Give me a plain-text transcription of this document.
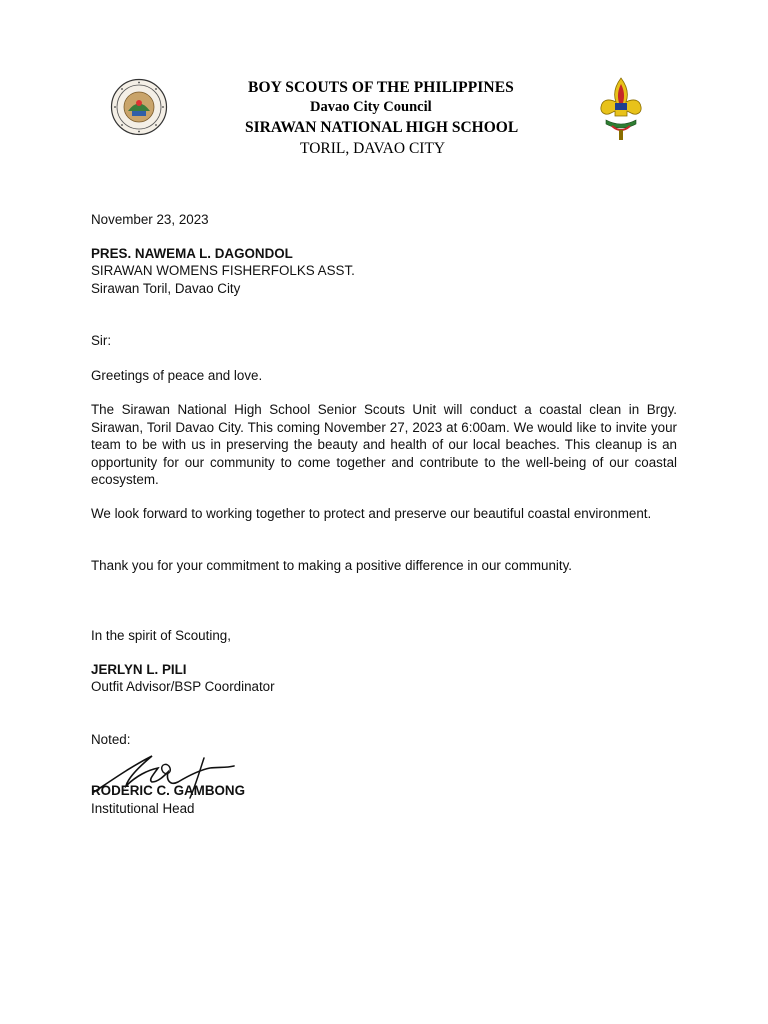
BOY SCOUTS OF THE PHILIPPINES
Davao City Council
SIRAWAN NATIONAL HIGH SCHOOL
TORIL, DAVAO CITY
November 23, 2023
PRES. NAWEMA L. DAGONDOL
SIRAWAN WOMENS FISHERFOLKS ASST.
Sirawan Toril, Davao City
Sir:
Greetings of peace and love.
The Sirawan National High School Senior Scouts Unit will conduct a coastal clean in Brgy. Sirawan, Toril Davao City. This coming November 27, 2023 at 6:00am. We would like to invite your team to be with us in preserving the beauty and health of our local beaches. This cleanup is an opportunity for our community to come together and contribute to the well-being of our coastal ecosystem.
We look forward to working together to protect and preserve our beautiful coastal environment.
Thank you for your commitment to making a positive difference in our community.
In the spirit of Scouting,
JERLYN L. PILI
Outfit Advisor/BSP Coordinator
Noted:
RODERIC C. GAMBONG
Institutional Head
